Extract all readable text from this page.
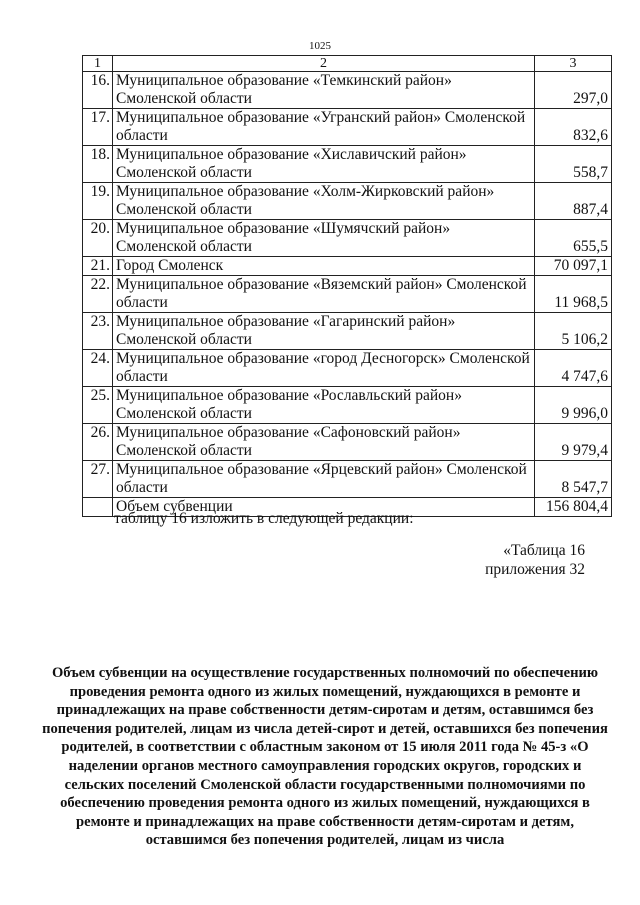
1025
1	2	3
16.	Муниципальное образование «Темкинский район» Смоленской области	297,0
17.	Муниципальное образование «Угранский район» Смоленской области	832,6
18.	Муниципальное образование «Хиславичский район» Смоленской области	558,7
19.	Муниципальное образование «Холм-Жирковский район» Смоленской области	887,4
20.	Муниципальное образование «Шумячский район» Смоленской области	655,5
21.	Город Смоленск	70 097,1
22.	Муниципальное образование «Вяземский район» Смоленской области	11 968,5
23.	Муниципальное образование «Гагаринский район» Смоленской области	5 106,2
24.	Муниципальное образование «город Десногорск» Смоленской области	4 747,6
25.	Муниципальное образование «Рославльский район» Смоленской области	9 996,0
26.	Муниципальное образование «Сафоновский район» Смоленской области	9 979,4
27.	Муниципальное образование «Ярцевский район» Смоленской области	8 547,7
	Объем субвенции	156 804,4
таблицу 16 изложить в следующей редакции:
«Таблица 16
приложения 32
Объем субвенции на осуществление государственных полномочий по обеспечению проведения ремонта одного из жилых помещений, нуждающихся в ремонте и принадлежащих на праве собственности детям-сиротам и детям, оставшимся без попечения родителей, лицам из числа детей-сирот и детей, оставшихся без попечения родителей, в соответствии с областным законом от 15 июля 2011 года № 45-з «О наделении органов местного самоуправления городских округов, городских и сельских поселений Смоленской области государственными полномочиями по обеспечению проведения ремонта одного из жилых помещений, нуждающихся в ремонте и принадлежащих на праве собственности детям-сиротам и детям, оставшимся без попечения родителей, лицам из числа
